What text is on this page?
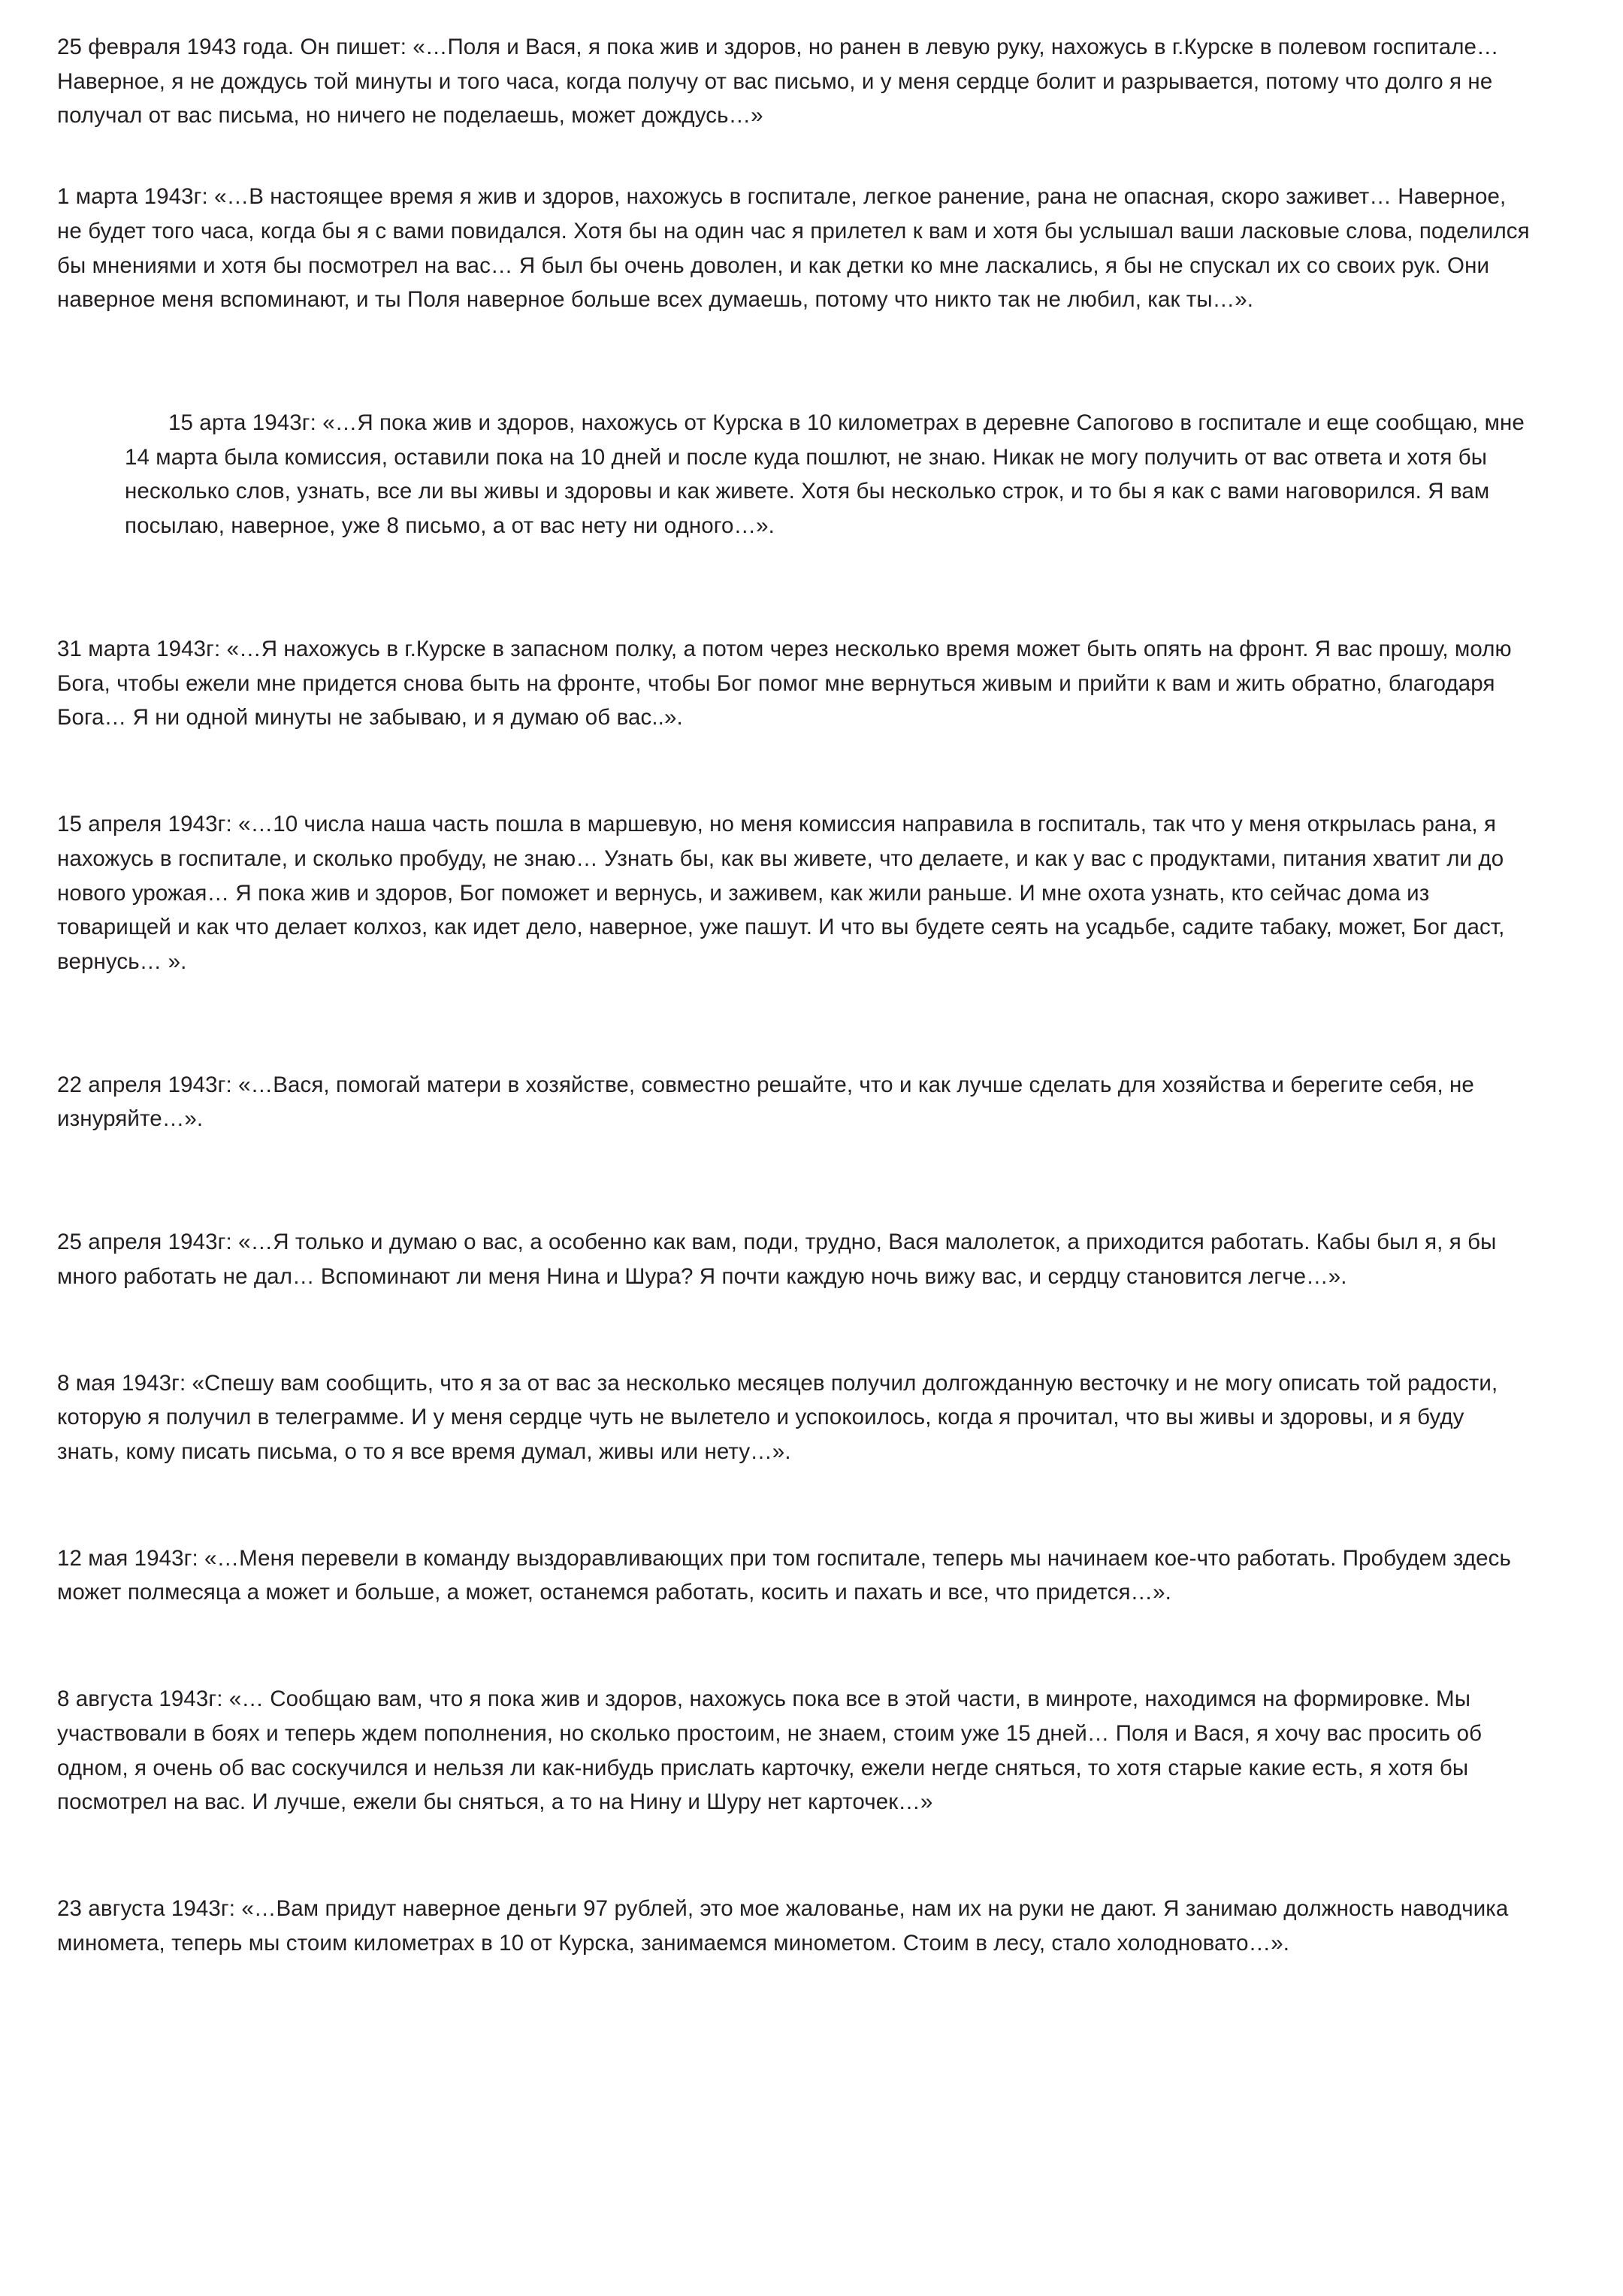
25 февраля 1943 года. Он пишет: «…Поля и Вася, я пока жив и здоров, но ранен в левую руку, нахожусь в г.Курске в полевом госпитале…Наверное, я не дождусь той минуты и того часа, когда получу от вас письмо, и у меня сердце болит и разрывается, потому что долго я не получал от вас письма, но ничего не поделаешь, может дождусь…»

1 марта 1943г: «…В настоящее время я жив и здоров, нахожусь в госпитале, легкое ранение, рана не опасная, скоро заживет… Наверное, не будет того часа, когда бы я с вами повидался. Хотя бы на один час я прилетел к вам и хотя бы услышал ваши ласковые слова, поделился бы мнениями и хотя бы посмотрел на вас… Я был бы очень доволен, и как детки ко мне ласкались, я бы не спускал их со своих рук. Они наверное меня вспоминают, и ты Поля наверное больше всех думаешь, потому что никто так не любил, как ты…».

15 арта 1943г: «…Я пока жив и здоров, нахожусь от Курска в 10 километрах в деревне Сапогово в госпитале и еще сообщаю, мне 14 марта была комиссия, оставили пока на 10 дней и после куда пошлют, не знаю. Никак не могу получить от вас ответа и хотя бы несколько слов, узнать, все ли вы живы и здоровы и как живете. Хотя бы несколько строк, и то бы я как с вами наговорился. Я вам посылаю, наверное, уже 8 письмо, а от вас нету ни одного…».

31 марта 1943г: «…Я нахожусь в г.Курске в запасном полку, а потом через несколько время может быть опять на фронт. Я вас прошу, молю Бога, чтобы ежели мне придется снова быть на фронте, чтобы Бог помог мне вернуться живым и прийти к вам и жить обратно, благодаря Бога… Я ни одной минуты не забываю, и я думаю об вас..».

15 апреля 1943г: «…10 числа наша часть пошла в маршевую, но меня комиссия направила в госпиталь, так что у меня открылась рана, я нахожусь в госпитале, и сколько пробуду, не знаю… Узнать бы, как вы живете, что делаете, и как у вас с продуктами, питания хватит ли до нового урожая… Я пока жив и здоров, Бог поможет и вернусь, и заживем, как жили раньше. И мне охота узнать, кто сейчас дома из товарищей и как что делает колхоз, как идет дело, наверное, уже пашут. И что вы будете сеять на усадьбе, садите табаку, может, Бог даст, вернусь… ».

22 апреля 1943г: «…Вася, помогай матери в хозяйстве, совместно решайте, что и как лучше сделать для хозяйства и берегите себя, не изнуряйте…».

25 апреля 1943г: «…Я только и думаю о вас, а особенно как вам, поди, трудно, Вася малолеток, а приходится работать. Кабы был я, я бы много работать не дал… Вспоминают ли меня Нина и Шура? Я почти каждую ночь вижу вас, и сердцу становится легче…».

8 мая 1943г: «Спешу вам сообщить, что я за от вас за несколько месяцев получил долгожданную весточку и не могу описать той радости, которую я получил в телеграмме. И у меня сердце чуть не вылетело и успокоилось, когда я прочитал, что вы живы и здоровы, и я буду знать, кому писать письма, о то я все время думал, живы или нету…».

12 мая 1943г: «…Меня перевели в команду выздоравливающих при том госпитале, теперь мы начинаем кое-что работать. Пробудем здесь может полмесяца а может и больше, а может, останемся работать, косить и пахать и все, что придется…».

8 августа 1943г: «… Сообщаю вам, что я пока жив и здоров, нахожусь пока все в этой части, в минроте, находимся на формировке. Мы участвовали в боях и теперь ждем пополнения, но сколько простоим, не знаем, стоим уже 15 дней… Поля и Вася, я хочу вас просить об одном, я очень об вас соскучился и нельзя ли как-нибудь прислать карточку, ежели негде сняться, то хотя старые какие есть, я хотя бы посмотрел на вас. И лучше, ежели бы сняться, а то на Нину и Шуру нет карточек…»

23 августа 1943г: «…Вам придут наверное деньги 97 рублей, это мое жалованье, нам их на руки не дают. Я занимаю должность наводчика миномета, теперь мы стоим километрах в 10 от Курска, занимаемся минометом. Стоим в лесу, стало холодновато…».
